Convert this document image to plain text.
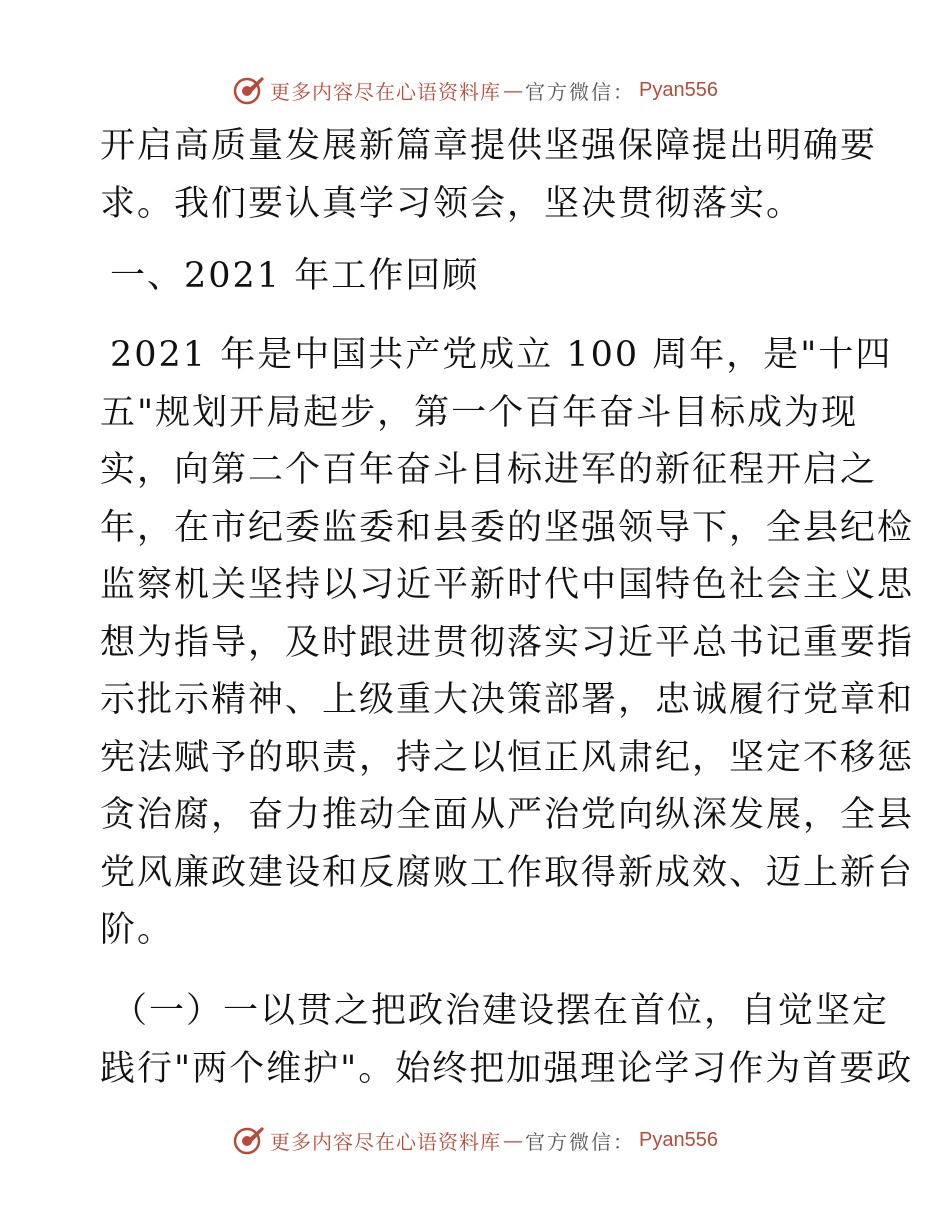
更多内容尽在心语资料库 — 官方微信： Pyan556
开启高质量发展新篇章提供坚强保障提出明确要
求。我们要认真学习领会，坚决贯彻落实。
一、2021 年工作回顾
2021 年是中国共产党成立 100 周年，是"十四
五"规划开局起步，第一个百年奋斗目标成为现
实，向第二个百年奋斗目标进军的新征程开启之
年，在市纪委监委和县委的坚强领导下，全县纪检
监察机关坚持以习近平新时代中国特色社会主义思
想为指导，及时跟进贯彻落实习近平总书记重要指
示批示精神、上级重大决策部署，忠诚履行党章和
宪法赋予的职责，持之以恒正风肃纪，坚定不移惩
贪治腐，奋力推动全面从严治党向纵深发展，全县
党风廉政建设和反腐败工作取得新成效、迈上新台
阶。
（一）一以贯之把政治建设摆在首位，自觉坚定
践行"两个维护"。始终把加强理论学习作为首要政
更多内容尽在心语资料库 — 官方微信： Pyan556
